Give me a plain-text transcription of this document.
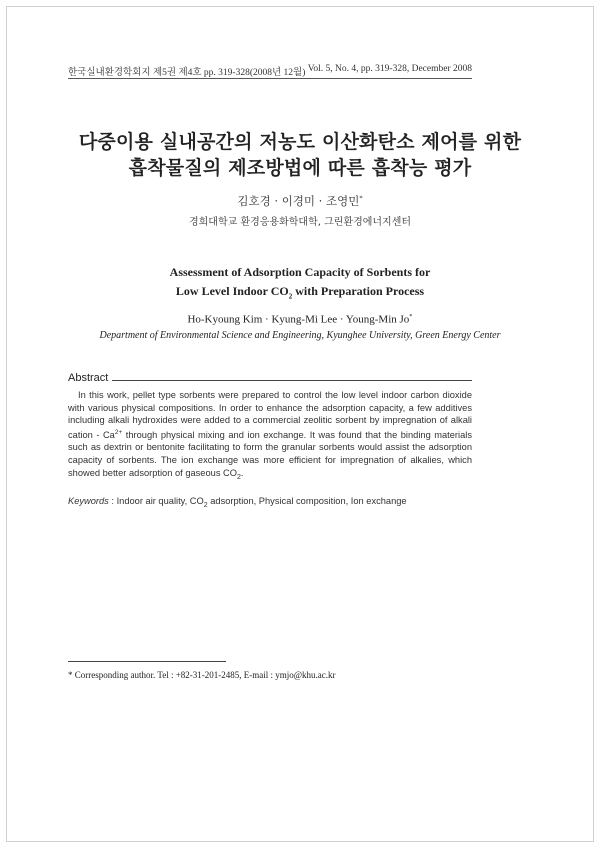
한국실내환경학회지 제5권 제4호 pp. 319-328(2008년 12월) Vol. 5, No. 4, pp. 319-328, December 2008
다중이용 실내공간의 저농도 이산화탄소 제어를 위한
흡착물질의 제조방법에 따른 흡착능 평가
김호경 · 이경미 · 조영민*
경희대학교 환경응용화학대학, 그린환경에너지센터
Assessment of Adsorption Capacity of Sorbents for
Low Level Indoor $CO_2$ with Preparation Process
Ho-Kyoung Kim · Kyung-Mi Lee · Young-Min Jo*
Department of Environmental Science and Engineering, Kyunghee University, Green Energy Center
Abstract

In this work, pellet type sorbents were prepared to control the low level indoor carbon dioxide with various physical compositions. In order to enhance the adsorption capacity, a few additives including alkali hydroxides were added to a commercial zeolitic sorbent by impregnation of alkali cation - $Ca^{2+}$ through physical mixing and ion exchange. It was found that the binding materials such as dextrin or bentonite facilitating to form the granular sorbents would assist the adsorption capacity of sorbents. The ion exchange was more efficient for impregnation of alkalies, which showed better adsorption of gaseous $CO_2$.

Keywords : Indoor air quality, $CO_2$ adsorption, Physical composition, Ion exchange
* Corresponding author. Tel : +82-31-201-2485, E-mail : ymjo@khu.ac.kr
